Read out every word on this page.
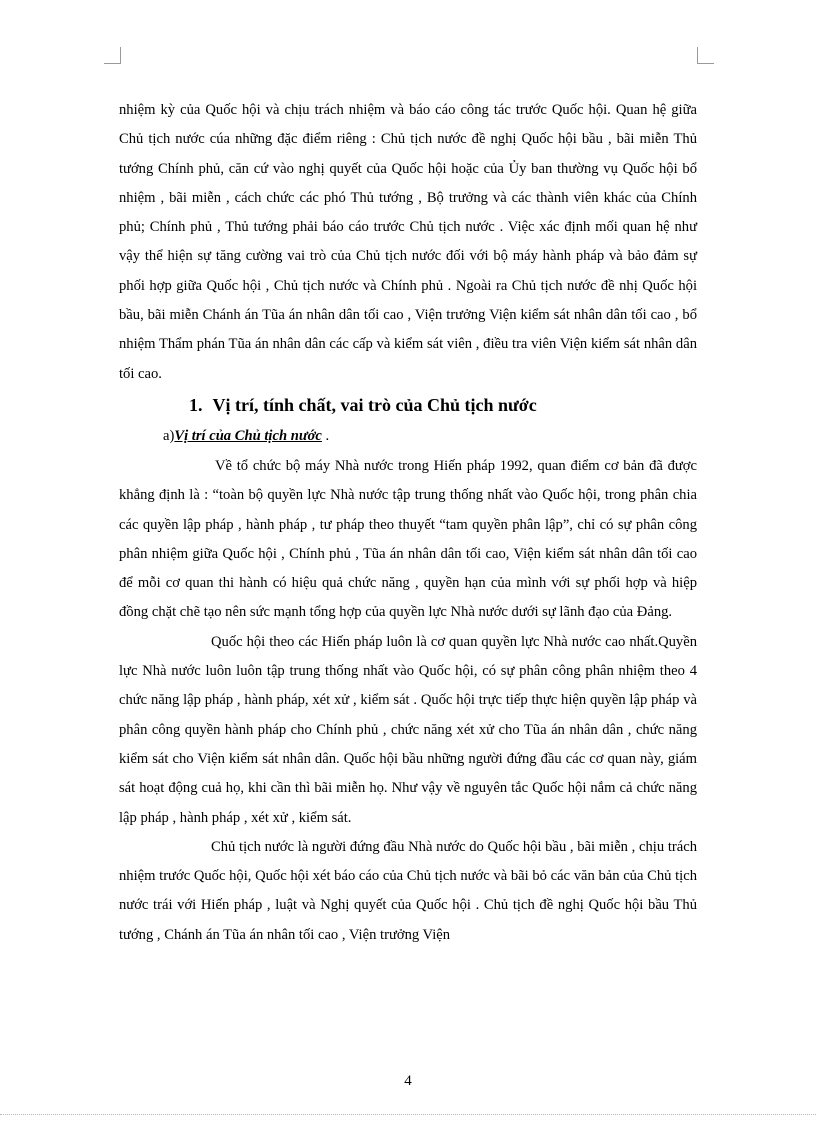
nhiệm kỳ của Quốc hội và chịu trách nhiệm và báo cáo công tác trước Quốc hội. Quan hệ giữa Chủ tịch nước cúa những đặc điểm riêng : Chủ tịch nước đề nghị Quốc hội bầu , bãi miễn Thủ tướng Chính phủ, căn cứ vào nghị quyết của Quốc hội hoặc của Ủy ban thường vụ Quốc hội bổ nhiệm , bãi miễn , cách chức các phó Thủ tướng , Bộ trưởng và các thành viên khác của Chính phủ; Chính phủ , Thủ tướng phải báo cáo trước Chủ tịch nước . Việc xác định mối quan hệ như vậy thể hiện sự tăng cường vai trò của Chủ tịch nước đối với bộ máy hành pháp và bảo đảm sự phối hợp giữa Quốc hội , Chủ tịch nước và Chính phủ . Ngoài ra Chủ tịch nước đề nhị Quốc hội bầu, bãi miễn Chánh án Tũa án nhân dân tối cao , Viện trưởng Viện kiểm sát nhân dân tối cao , bổ nhiệm Thẩm phán Tũa án nhân dân các cấp và kiểm sát viên , điều tra viên Viện kiểm sát nhân dân tối cao.

1. Vị trí, tính chất, vai trò của Chủ tịch nước

a)Vị trí của Chủ tịch nước .

Về tổ chức bộ máy Nhà nước trong Hiến pháp 1992, quan điểm cơ bản đã được khẳng định là : “toàn bộ quyền lực Nhà nước tập trung thống nhất vào Quốc hội, trong phân chia các quyền lập pháp , hành pháp , tư pháp theo thuyết “tam quyền phân lập”, chỉ có sự phân công phân nhiệm giữa Quốc hội , Chính phủ , Tũa án nhân dân tối cao, Viện kiểm sát nhân dân tối cao để mỗi cơ quan thi hành có hiệu quả chức năng , quyền hạn của mình với sự phối hợp và hiệp đồng chặt chẽ tạo nên sức mạnh tổng hợp của quyền lực Nhà nước dưới sự lãnh đạo của Đảng.

Quốc hội theo các Hiến pháp luôn là cơ quan quyền lực Nhà nước cao nhất.Quyền lực Nhà nước luôn luôn tập trung thống nhất vào Quốc hội, có sự phân công phân nhiệm theo 4 chức năng lập pháp , hành pháp, xét xử , kiểm sát . Quốc hội trực tiếp thực hiện quyền lập pháp và phân công quyền hành pháp cho Chính phủ , chức năng xét xử cho Tũa án nhân dân , chức năng kiểm sát cho Viện kiểm sát nhân dân. Quốc hội bầu những người đứng đầu các cơ quan này, giám sát hoạt động cuả họ, khi cần thì bãi miễn họ. Như vậy về nguyên tắc Quốc hội nắm cả chức năng lập pháp , hành pháp , xét xử , kiểm sát.

Chủ tịch nước là người đứng đầu Nhà nước do Quốc hội bầu , bãi miễn , chịu trách nhiệm trước Quốc hội, Quốc hội xét báo cáo của Chủ tịch nước và bãi bỏ các văn bản của Chủ tịch nước trái với Hiến pháp , luật và Nghị quyết của Quốc hội . Chủ tịch đề nghị Quốc hội bầu Thủ tướng , Chánh án Tũa án nhân tối cao , Viện trưởng Viện

4
